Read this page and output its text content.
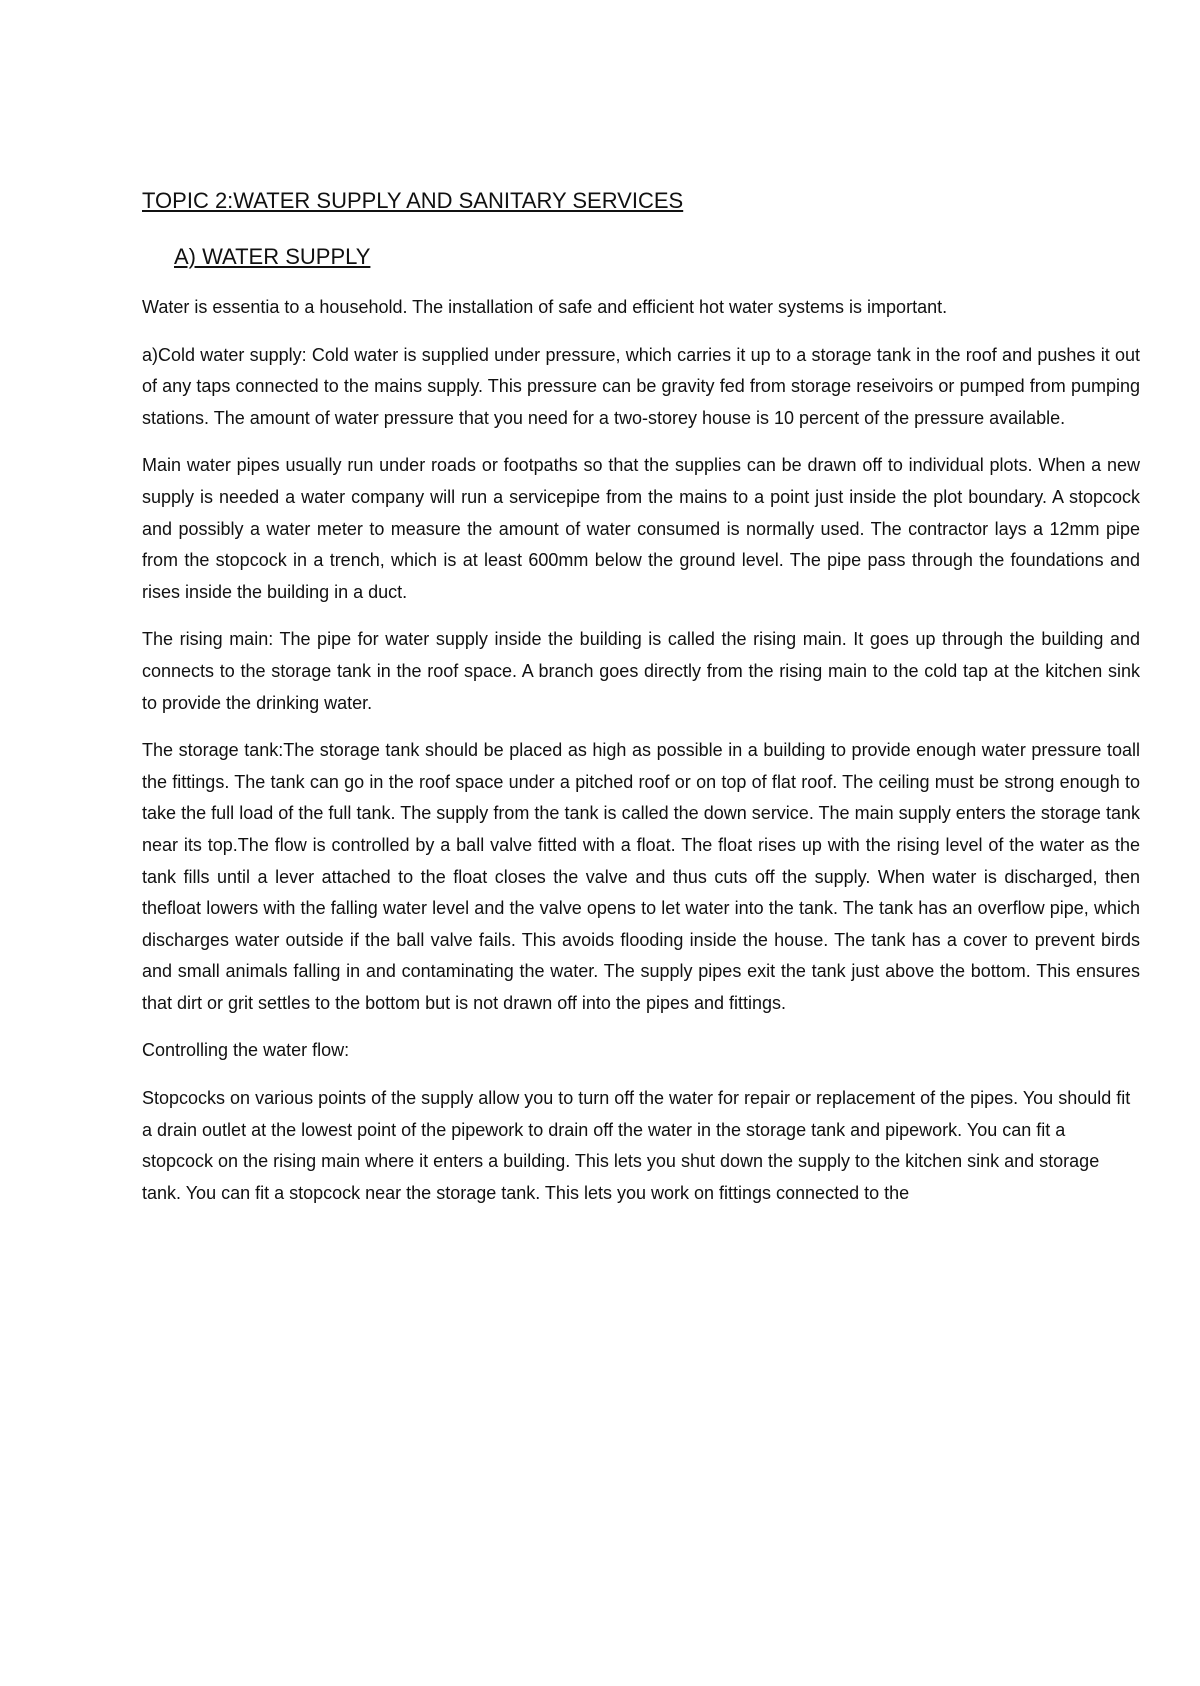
TOPIC 2:WATER SUPPLY AND SANITARY SERVICES
A) WATER SUPPLY

Water is essentia to a household. The installation of safe and efficient hot water systems is important.

a)Cold water supply: Cold water is supplied under pressure, which carries it up to a storage tank in the roof and pushes it out of any taps connected to the mains supply. This pressure can be gravity fed from storage reseivoirs or pumped from pumping stations. The amount of water pressure that you need for a two-storey house is 10 percent of the pressure available.

Main water pipes usually run under roads or footpaths so that the supplies can be drawn off to individual plots. When a new supply is needed a water company will run a servicepipe from the mains to a point just inside the plot boundary. A stopcock and possibly a water meter to measure the amount of water consumed is normally used. The contractor lays a 12mm pipe from the stopcock in a trench, which is at least 600mm below the ground level. The pipe pass through the foundations and rises inside the building in a duct.

The rising main: The pipe for water supply inside the building is called the rising main. It goes up through the building and connects to the storage tank in the roof space. A branch goes directly from the rising main to the cold tap at the kitchen sink to provide the drinking water.

The storage tank:The storage tank should be placed as high as possible in a building to provide enough water pressure toall the fittings. The tank can go in the roof space under a pitched roof or on top of flat roof. The ceiling must be strong enough to take the full load of the full tank. The supply from the tank is called the down service. The main supply enters the storage tank near its top.The flow is controlled by a ball valve fitted with a float. The float rises up with the rising level of the water as the tank fills until a lever attached to the float closes the valve and thus cuts off the supply. When water is discharged, then thefloat lowers with the falling water level and the valve opens to let water into the tank. The tank has an overflow pipe, which discharges water outside if the ball valve fails. This avoids flooding inside the house. The tank has a cover to prevent birds and small animals falling in and contaminating the water. The supply pipes exit the tank just above the bottom. This ensures that dirt or grit settles to the bottom but is not drawn off into the pipes and fittings.

Controlling the water flow:

Stopcocks on various points of the supply allow you to turn off the water for repair or replacement of the pipes. You should fit a drain outlet at the lowest point of the pipework to drain off the water in the storage tank and pipework. You can fit a stopcock on the rising main where it enters a building. This lets you shut down the supply to the kitchen sink and storage tank. You can fit a stopcock near the storage tank. This lets you work on fittings connected to the
